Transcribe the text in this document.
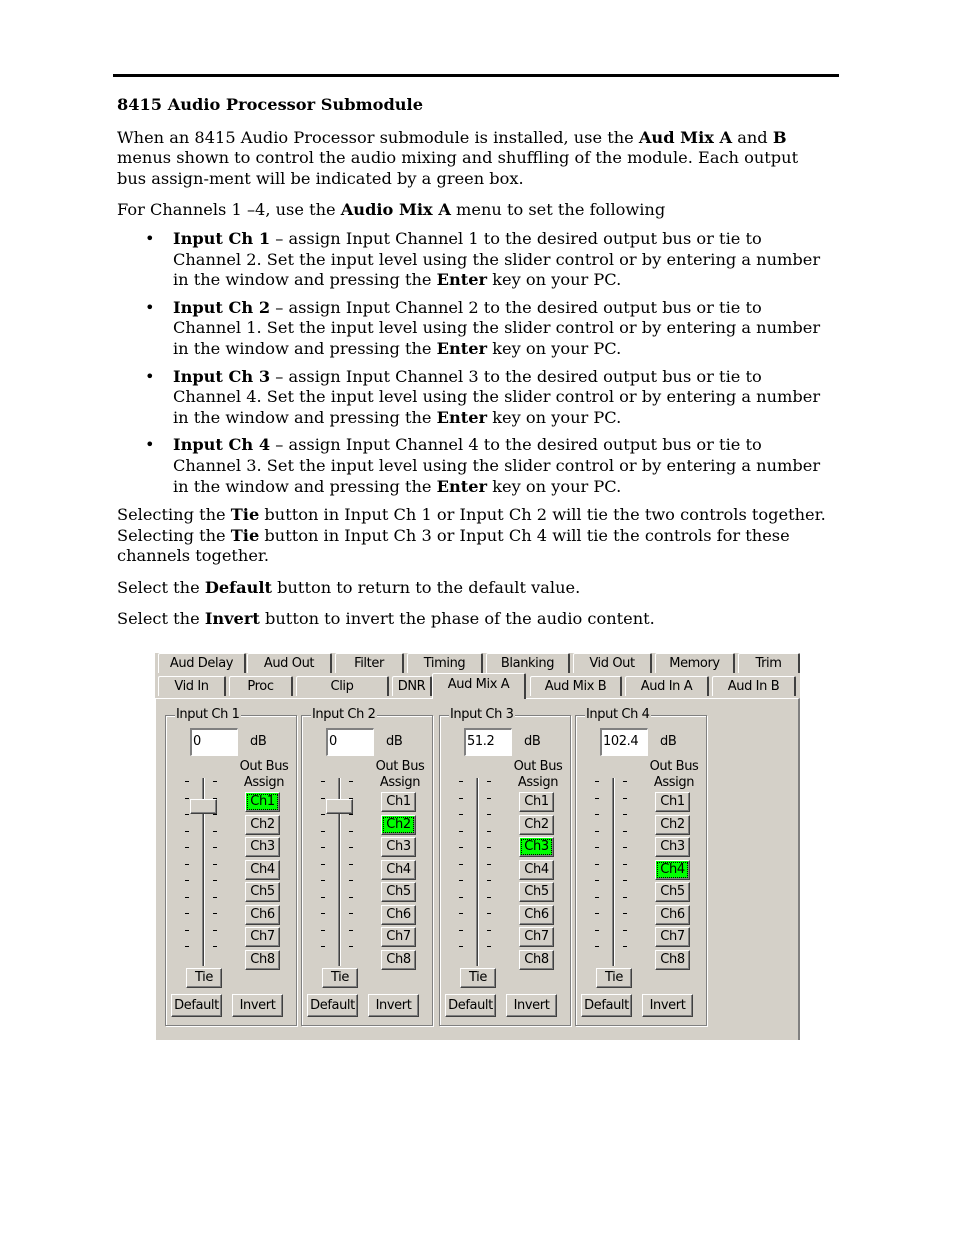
8415 Audio Processor Submodule

When an 8415 Audio Processor submodule is installed, use the Aud Mix A and B menus shown to control the audio mixing and shuffling of the module. Each output bus assign-ment will be indicated by a green box.

For Channels 1 –4, use the Audio Mix A menu to set the following

• Input Ch 1 – assign Input Channel 1 to the desired output bus or tie to Channel 2. Set the input level using the slider control or by entering a number in the window and pressing the Enter key on your PC.
• Input Ch 2 – assign Input Channel 2 to the desired output bus or tie to Channel 1. Set the input level using the slider control or by entering a number in the window and pressing the Enter key on your PC.
• Input Ch 3 – assign Input Channel 3 to the desired output bus or tie to Channel 4. Set the input level using the slider control or by entering a number in the window and pressing the Enter key on your PC.
• Input Ch 4 – assign Input Channel 4 to the desired output bus or tie to Channel 3. Set the input level using the slider control or by entering a number in the window and pressing the Enter key on your PC.

Selecting the Tie button in Input Ch 1 or Input Ch 2 will tie the two controls together. Selecting the Tie button in Input Ch 3 or Input Ch 4 will tie the controls for these channels together.

Select the Default button to return to the default value.

Select the Invert button to invert the phase of the audio content.

Aud Delay	Aud Out	Filter	Timing	Blanking	Vid Out	Memory	Trim
Vid In	Proc	Clip	DNR	Aud Mix A	Aud Mix B	Aud In A	Aud In B
Input Ch 1
0	dB
Out Bus
Assign
Ch1
Ch2
Ch3
Ch4
Ch5
Ch6
Ch7
Ch8
Tie
Default	Invert
Input Ch 2
0	dB
Out Bus
Assign
Ch1
Ch2
Ch3
Ch4
Ch5
Ch6
Ch7
Ch8
Tie
Default	Invert
Input Ch 3
51.2	dB
Out Bus
Assign
Ch1
Ch2
Ch3
Ch4
Ch5
Ch6
Ch7
Ch8
Tie
Default	Invert
Input Ch 4
102.4	dB
Out Bus
Assign
Ch1
Ch2
Ch3
Ch4
Ch5
Ch6
Ch7
Ch8
Tie
Default	Invert
